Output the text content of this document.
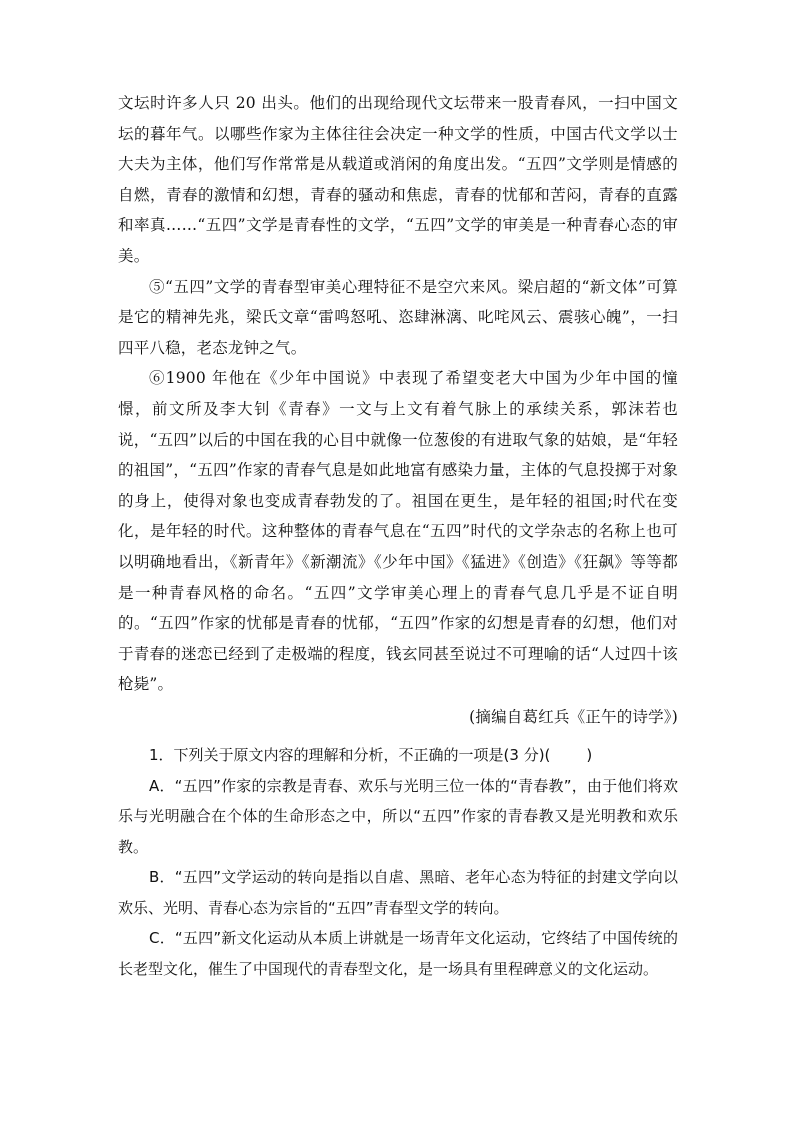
文坛时许多人只 20 出头。他们的出现给现代文坛带来一股青春风，一扫中国文坛的暮年气。以哪些作家为主体往往会决定一种文学的性质，中国古代文学以士大夫为主体，他们写作常常是从载道或消闲的角度出发。“五四”文学则是情感的自燃，青春的激情和幻想，青春的骚动和焦虑，青春的忧郁和苦闷，青春的直露和率真……“五四”文学是青春性的文学，“五四”文学的审美是一种青春心态的审美。

⑤“五四”文学的青春型审美心理特征不是空穴来风。梁启超的“新文体”可算是它的精神先兆，梁氏文章“雷鸣怒吼、恣肆淋漓、叱咤风云、震骇心魄”，一扫四平八稳，老态龙钟之气。

⑥1900 年他在《少年中国说》中表现了希望变老大中国为少年中国的憧憬，前文所及李大钊《青春》一文与上文有着气脉上的承续关系，郭沫若也说，“五四”以后的中国在我的心目中就像一位葱俊的有进取气象的姑娘，是“年轻的祖国”，“五四”作家的青春气息是如此地富有感染力量，主体的气息投掷于对象的身上，使得对象也变成青春勃发的了。祖国在更生，是年轻的祖国;时代在变化，是年轻的时代。这种整体的青春气息在“五四”时代的文学杂志的名称上也可以明确地看出，《新青年》《新潮流》《少年中国》《猛进》《创造》《狂飙》等等都是一种青春风格的命名。“五四”文学审美心理上的青春气息几乎是不证自明的。“五四”作家的忧郁是青春的忧郁，“五四”作家的幻想是青春的幻想，他们对于青春的迷恋已经到了走极端的程度，钱玄同甚至说过不可理喻的话“人过四十该枪毙”。

(摘编自葛红兵《正午的诗学》)

1．下列关于原文内容的理解和分析，不正确的一项是(3 分)( )

A．“五四”作家的宗教是青春、欢乐与光明三位一体的“青春教”，由于他们将欢乐与光明融合在个体的生命形态之中，所以“五四”作家的青春教又是光明教和欢乐教。

B．“五四”文学运动的转向是指以自虐、黑暗、老年心态为特征的封建文学向以欢乐、光明、青春心态为宗旨的“五四”青春型文学的转向。

C．“五四”新文化运动从本质上讲就是一场青年文化运动，它终结了中国传统的长老型文化，催生了中国现代的青春型文化，是一场具有里程碑意义的文化运动。
